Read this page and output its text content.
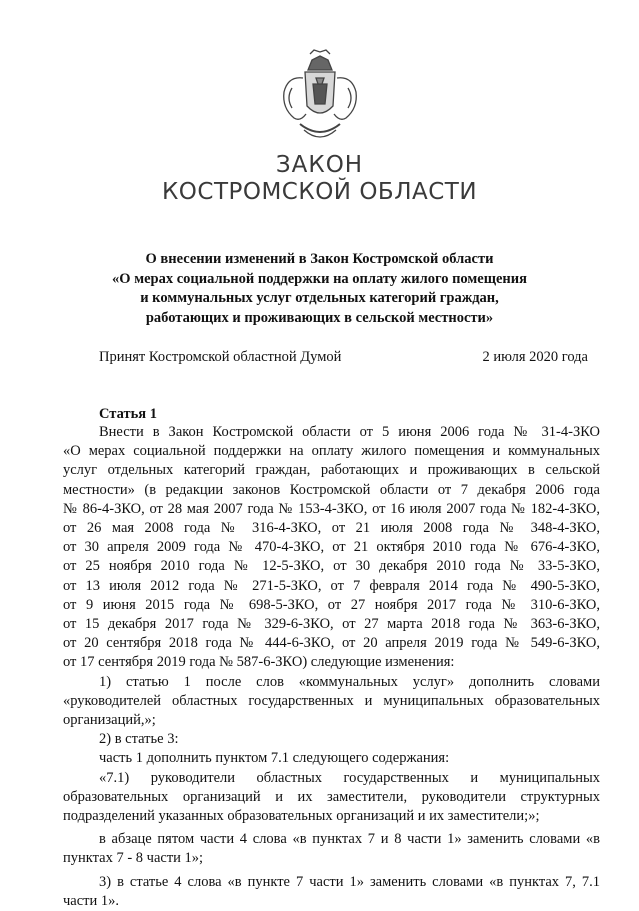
ЗАКОН
КОСТРОМСКОЙ ОБЛАСТИ
О внесении изменений в Закон Костромской области
«О мерах социальной поддержки на оплату жилого помещения
и коммунальных услуг отдельных категорий граждан,
работающих и проживающих в сельской местности»
Принят Костромской областной Думой	2 июля 2020 года
Статья 1

Внести в Закон Костромской области от 5 июня 2006 года № 31-4-ЗКО
«О мерах социальной поддержки на оплату жилого помещения и коммунальных
услуг отдельных категорий граждан, работающих и проживающих в сельской
местности» (в редакции законов Костромской области от 7 декабря 2006 года
№ 86-4-ЗКО, от 28 мая 2007 года № 153-4-ЗКО, от 16 июля 2007 года № 182-4-ЗКО,
от 26 мая 2008 года № 316-4-ЗКО, от 21 июля 2008 года № 348-4-ЗКО,
от 30 апреля 2009 года № 470-4-ЗКО, от 21 октября 2010 года № 676-4-ЗКО,
от 25 ноября 2010 года № 12-5-ЗКО, от 30 декабря 2010 года № 33-5-ЗКО,
от 13 июля 2012 года № 271-5-ЗКО, от 7 февраля 2014 года № 490-5-ЗКО,
от 9 июня 2015 года № 698-5-ЗКО, от 27 ноября 2017 года № 310-6-ЗКО,
от 15 декабря 2017 года № 329-6-ЗКО, от 27 марта 2018 года № 363-6-ЗКО,
от 20 сентября 2018 года № 444-6-ЗКО, от 20 апреля 2019 года № 549-6-ЗКО,
от 17 сентября 2019 года № 587-6-ЗКО) следующие изменения:

1) статью 1 после слов «коммунальных услуг» дополнить словами
«руководителей областных государственных и муниципальных образовательных
организаций,»;

2) в статье 3:
часть 1 дополнить пунктом 7.1 следующего содержания:

«7.1) руководители областных государственных и муниципальных
образовательных организаций и их заместители, руководители структурных
подразделений указанных образовательных организаций и их заместители;»;

в абзаце пятом части 4 слова «в пунктах 7 и 8 части 1» заменить словами «в
пунктах 7 - 8 части 1»;

3) в статье 4 слова «в пункте 7 части 1» заменить словами «в пунктах 7, 7.1
части 1».
